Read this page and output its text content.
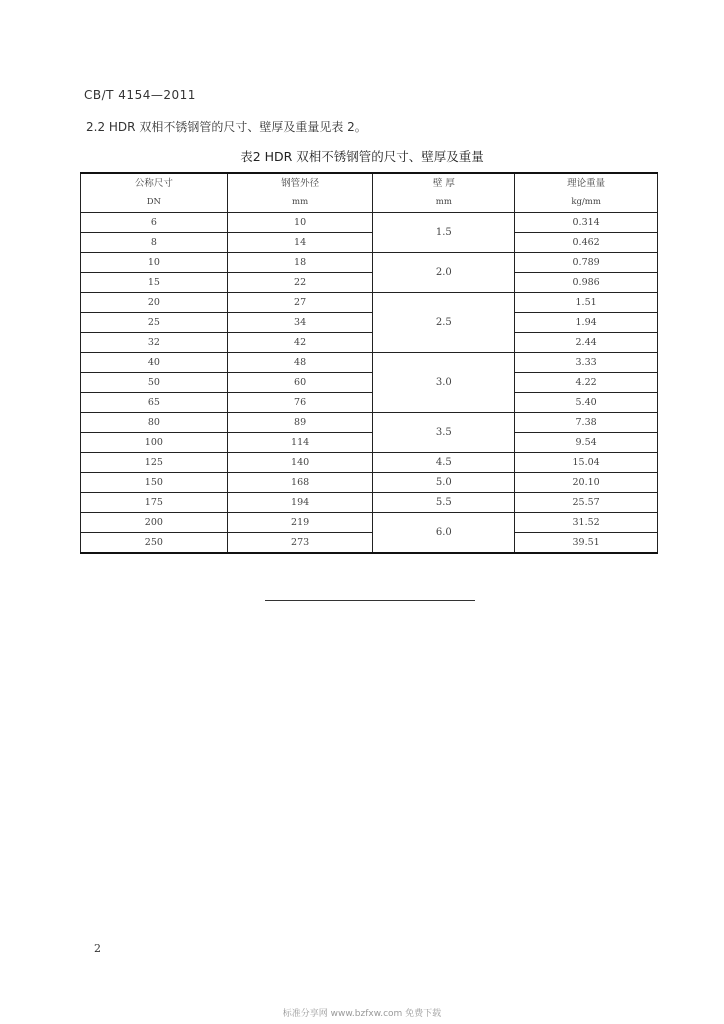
CB/T 4154—2011
2.2 HDR 双相不锈钢管的尺寸、壁厚及重量见表 2。
表2 HDR 双相不锈钢管的尺寸、壁厚及重量
公称尺寸	钢管外径	壁 厚	理论重量
DN	mm	mm	kg/mm
6	10	1.5	0.314
8	14		0.462
10	18	2.0	0.789
15	22		0.986
20	27	2.5	1.51
25	34		1.94
32	42		2.44
40	48	3.0	3.33
50	60		4.22
65	76		5.40
80	89	3.5	7.38
100	114		9.54
125	140	4.5	15.04
150	168	5.0	20.10
175	194	5.5	25.57
200	219	6.0	31.52
250	273		39.51
2
标准分享网 www.bzfxw.com 免费下载
